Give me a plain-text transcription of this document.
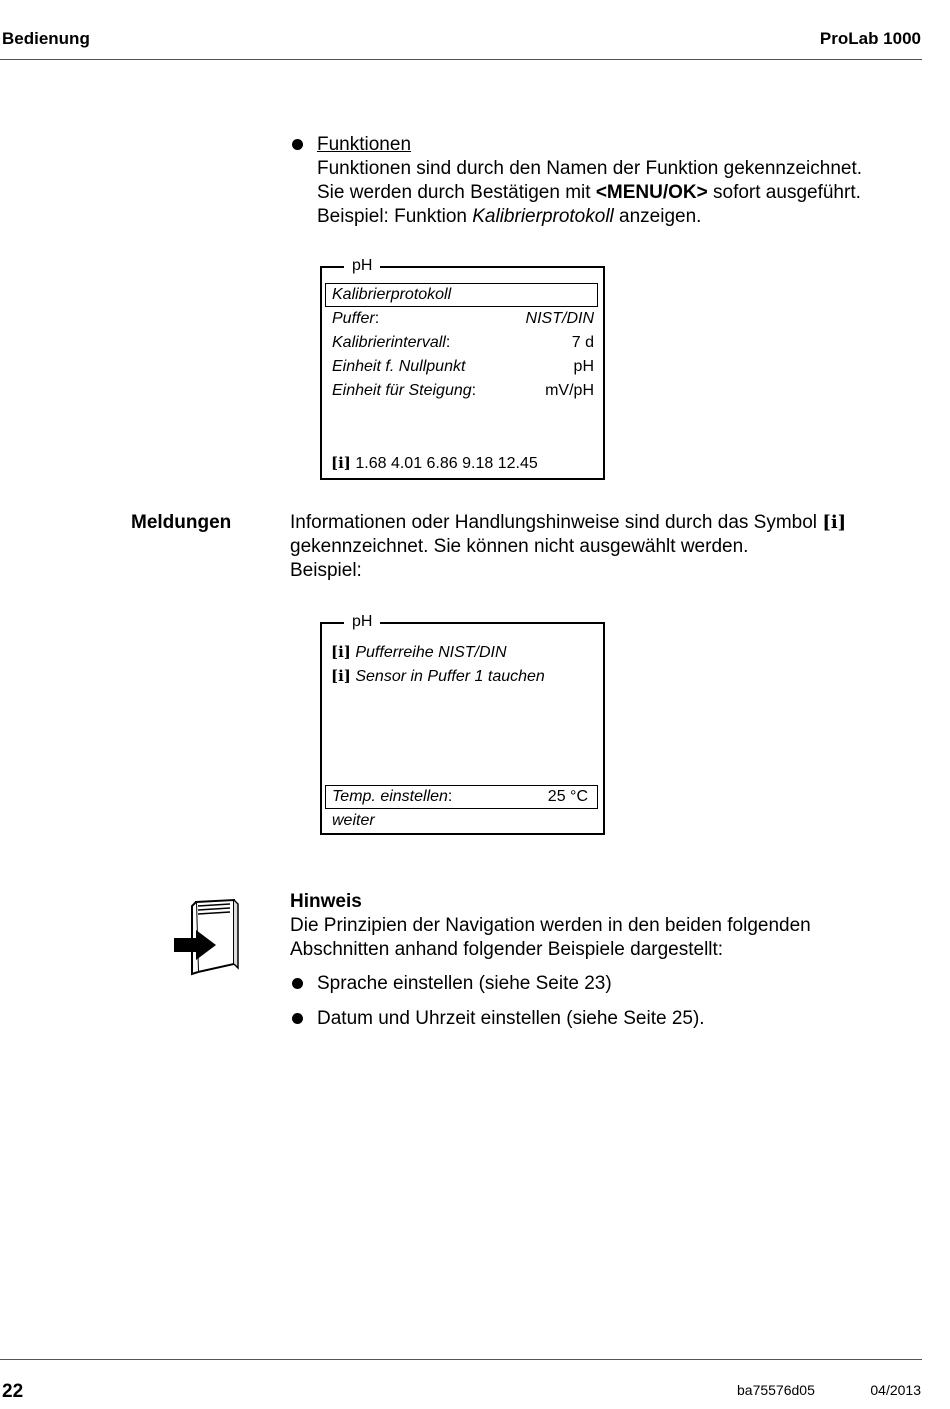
Bedienung	ProLab 1000
Funktionen
Funktionen sind durch den Namen der Funktion gekennzeichnet.
Sie werden durch Bestätigen mit <MENU/OK> sofort ausgeführt.
Beispiel: Funktion Kalibrierprotokoll anzeigen.
pH
Kalibrierprotokoll
Puffer:	NIST/DIN
Kalibrierintervall:	7 d
Einheit f. Nullpunkt	pH
Einheit für Steigung:	mV/pH
[i] 1.68 4.01 6.86 9.18 12.45
Meldungen	Informationen oder Handlungshinweise sind durch das Symbol [i]
gekennzeichnet. Sie können nicht ausgewählt werden.
Beispiel:
pH
[i] Pufferreihe NIST/DIN
[i] Sensor in Puffer 1 tauchen
Temp. einstellen:	25 °C
weiter
Hinweis
Die Prinzipien der Navigation werden in den beiden folgenden
Abschnitten anhand folgender Beispiele dargestellt:
Sprache einstellen (siehe Seite 23)
Datum und Uhrzeit einstellen (siehe Seite 25).
22	ba75576d05	04/2013
